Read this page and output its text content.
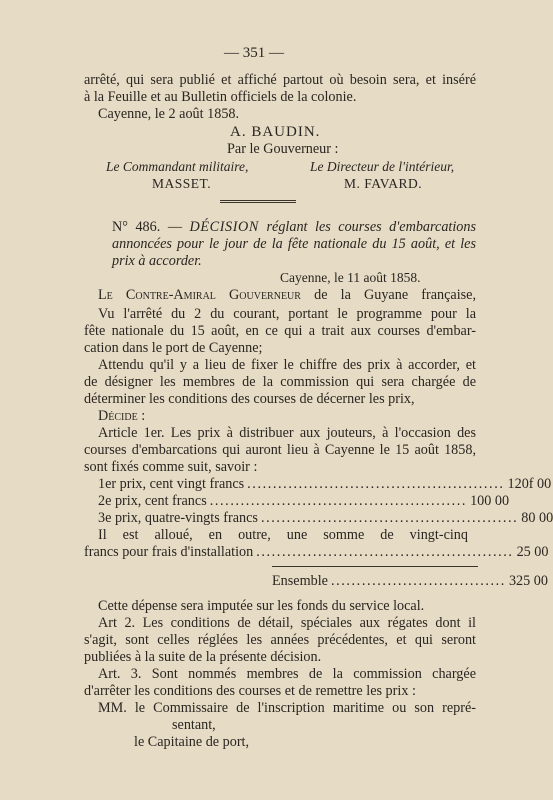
— 351 —
arrêté, qui sera publié et affiché partout où besoin sera, et inséré
à la Feuille et au Bulletin officiels de la colonie.
Cayenne, le 2 août 1858.
A. BAUDIN.
Par le Gouverneur :
Le Commandant militaire,	Le Directeur de l'intérieur,
MASSET.	M. FAVARD.
N° 486. — DÉCISION réglant les courses d'embarcations
annoncées pour le jour de la fête nationale du 15 août, et les
prix à accorder.
Cayenne, le 11 août 1858.
Le Contre-Amiral Gouverneur de la Guyane française,
Vu l'arrêté du 2 du courant, portant le programme pour la
fête nationale du 15 août, en ce qui a trait aux courses d'embar-
cation dans le port de Cayenne;
Attendu qu'il y a lieu de fixer le chiffre des prix à accorder, et
de désigner les membres de la commission qui sera chargée de
déterminer les conditions des courses de décerner les prix,
Décide :
Article 1er. Les prix à distribuer aux jouteurs, à l'occasion des
courses d'embarcations qui auront lieu à Cayenne le 15 août 1858,
sont fixés comme suit, savoir :
1er prix, cent vingt francs .................................................. 120f 00
2e prix, cent francs .................................................. 100 00
3e prix, quatre-vingts francs .................................................. 80 00
Il est alloué, en outre, une somme de vingt-cinq
francs pour frais d'installation .................................................. 25 00
Ensemble .................................. 325 00
Cette dépense sera imputée sur les fonds du service local.
Art 2. Les conditions de détail, spéciales aux régates dont il
s'agit, sont celles réglées les années précédentes, et qui seront
publiées à la suite de la présente décision.
Art. 3. Sont nommés membres de la commission chargée
d'arrêter les conditions des courses et de remettre les prix :
MM. le Commissaire de l'inscription maritime ou son repré-
sentant,
le Capitaine de port,
